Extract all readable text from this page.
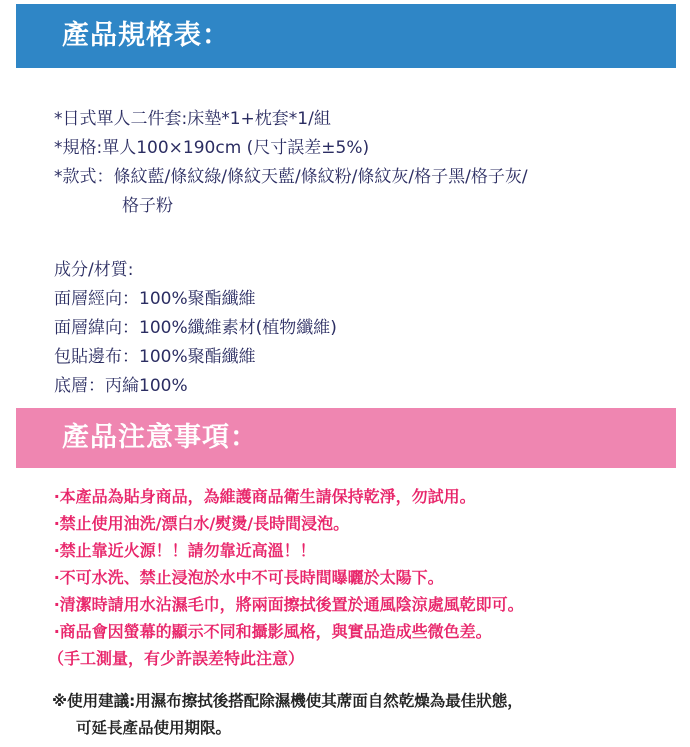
產品規格表：
*日式單人二件套:床墊*1+枕套*1/組
*規格:單人100×190cm (尺寸誤差±5%)
*款式：條紋藍/條紋綠/條紋天藍/條紋粉/條紋灰/格子黑/格子灰/
格子粉
成分/材質:
面層經向：100%聚酯纖維
面層緯向：100%纖維素材(植物纖維)
包貼邊布：100%聚酯纖維
底層：丙綸100%
產品注意事項：
‧本產品為貼身商品，為維護商品衛生請保持乾淨，勿試用。
‧禁止使用油洗/漂白水/熨燙/長時間浸泡。
‧禁止靠近火源！！請勿靠近高溫！！
‧不可水洗、禁止浸泡於水中不可長時間曝曬於太陽下。
‧清潔時請用水沾濕毛巾，將兩面擦拭後置於通風陰涼處風乾即可。
‧商品會因螢幕的顯示不同和攝影風格，與實品造成些微色差。
（手工測量，有少許誤差特此注意）
※使用建議:用濕布擦拭後搭配除濕機使其蓆面自然乾燥為最佳狀態，
可延長產品使用期限。
